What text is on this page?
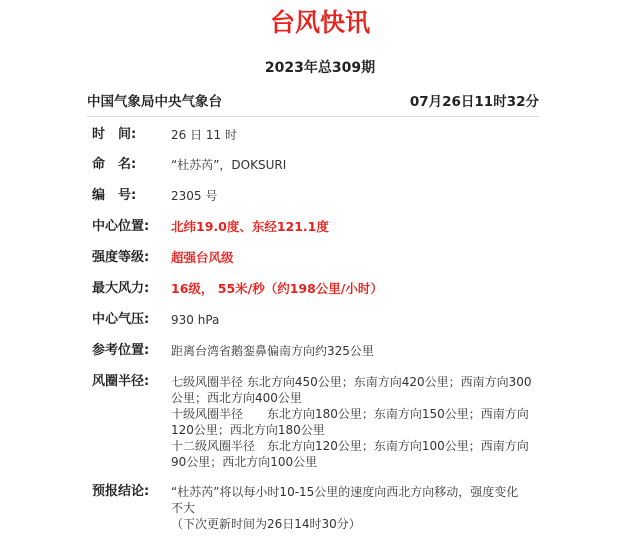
台风快讯
2023年总309期
中国气象局中央气象台	07月26日11时32分
时　间:	26 日 11 时
命　名:	“杜苏芮”，DOKSURI
编　号:	2305 号
中心位置:	北纬19.0度、东经121.1度
强度等级:	超强台风级
最大风力:	16级， 55米/秒（约198公里/小时）
中心气压:	930 hPa
参考位置:	距离台湾省鹅銮鼻偏南方向约325公里
风圈半径:	七级风圈半径 东北方向450公里；东南方向420公里；西南方向300
公里；西北方向400公里
十级风圈半径　　东北方向180公里；东南方向150公里；西南方向
120公里；西北方向180公里
十二级风圈半径　东北方向120公里；东南方向100公里；西南方向
90公里；西北方向100公里
预报结论:	“杜苏芮”将以每小时10-15公里的速度向西北方向移动，强度变化
不大
（下次更新时间为26日14时30分）
